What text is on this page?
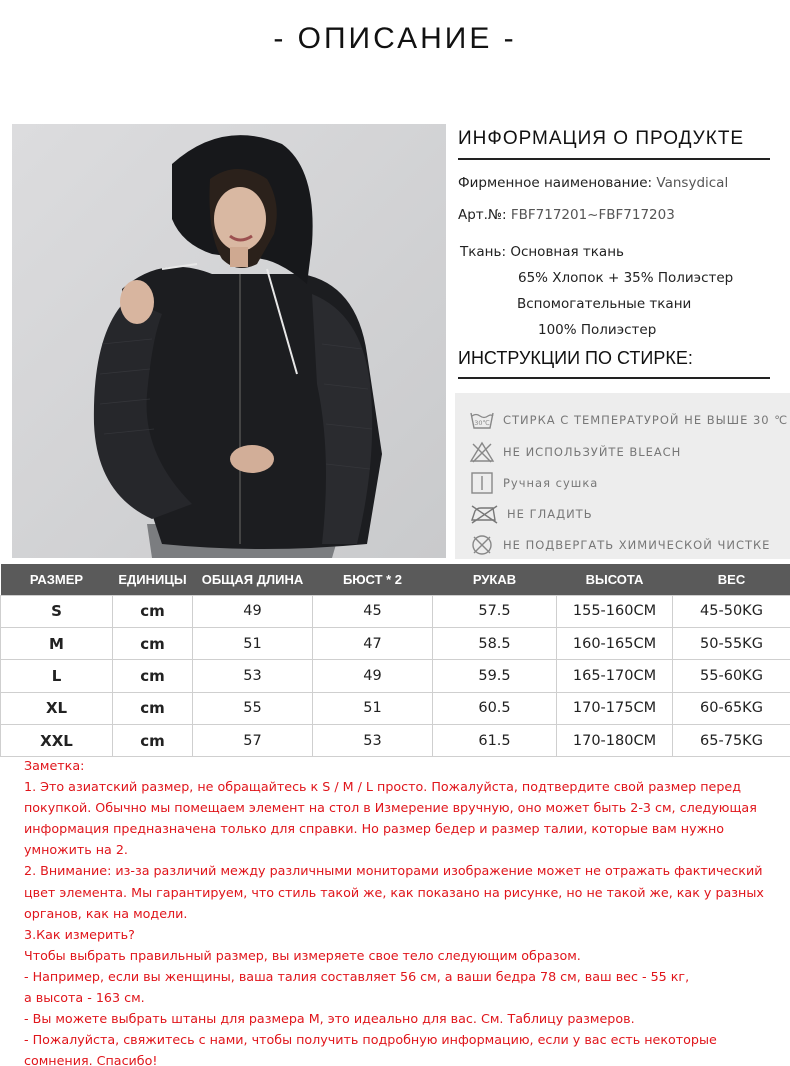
- ОПИСАНИЕ -
ИНФОРМАЦИЯ О ПРОДУКТЕ
Фирменное наименование: Vansydical
Арт.№: FBF717201~FBF717203
Ткань: Основная ткань
65% Хлопок + 35% Полиэстер
Вспомогательные ткани
100% Полиэстер
ИНСТРУКЦИИ ПО СТИРКЕ:
30℃ СТИРКА С ТЕМПЕРАТУРОЙ НЕ ВЫШЕ 30 ℃
НЕ ИСПОЛЬЗУЙТЕ BLEACH
Ручная сушка
НЕ ГЛАДИТЬ
НЕ ПОДВЕРГАТЬ ХИМИЧЕСКОЙ ЧИСТКЕ
РАЗМЕР	ЕДИНИЦЫ	ОБЩАЯ ДЛИНА	БЮСТ * 2	РУКАВ	ВЫСОТА	ВЕС
S	cm	49	45	57.5	155-160CM	45-50KG
M	cm	51	47	58.5	160-165CM	50-55KG
L	cm	53	49	59.5	165-170CM	55-60KG
XL	cm	55	51	60.5	170-175CM	60-65KG
XXL	cm	57	53	61.5	170-180CM	65-75KG

Заметка:

1. Это азиатский размер, не обращайтесь к S / M / L просто. Пожалуйста, подтвердите свой размер перед

покупкой. Обычно мы помещаем элемент на стол в Измерение вручную, оно может быть 2-3 см, следующая

информация предназначена только для справки. Но размер бедер и размер талии, которые вам нужно

умножить на 2.

2. Внимание: из-за различий между различными мониторами изображение может не отражать фактический

цвет элемента. Мы гарантируем, что стиль такой же, как показано на рисунке, но не такой же, как у разных

органов, как на модели.

3.Как измерить?

Чтобы выбрать правильный размер, вы измеряете свое тело следующим образом.

- Например, если вы женщины, ваша талия составляет 56 см, а ваши бедра 78 см, ваш вес - 55 кг,

а высота - 163 см.

- Вы можете выбрать штаны для размера M, это идеально для вас. См. Таблицу размеров.

- Пожалуйста, свяжитесь с нами, чтобы получить подробную информацию, если у вас есть некоторые

сомнения. Спасибо!
